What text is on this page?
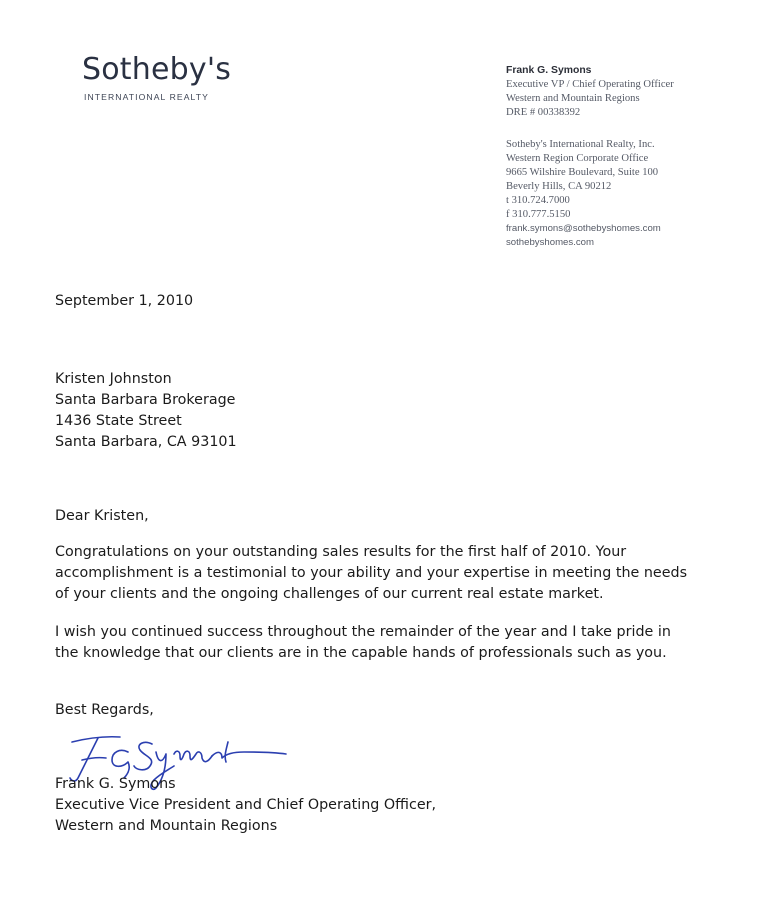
Sotheby's
INTERNATIONAL REALTY
Frank G. Symons
Executive VP / Chief Operating Officer
Western and Mountain Regions
DRE # 00338392
Sotheby's International Realty, Inc.
Western Region Corporate Office
9665 Wilshire Boulevard, Suite 100
Beverly Hills, CA 90212
t 310.724.7000
f 310.777.5150
frank.symons@sothebyshomes.com
sothebyshomes.com
September 1, 2010
Kristen Johnston
Santa Barbara Brokerage
1436 State Street
Santa Barbara, CA 93101
Dear Kristen,
Congratulations on your outstanding sales results for the first half of 2010. Your
accomplishment is a testimonial to your ability and your expertise in meeting the needs
of your clients and the ongoing challenges of our current real estate market.
I wish you continued success throughout the remainder of the year and I take pride in
the knowledge that our clients are in the capable hands of professionals such as you.
Best Regards,
Frank G. Symons
Executive Vice President and Chief Operating Officer,
Western and Mountain Regions
